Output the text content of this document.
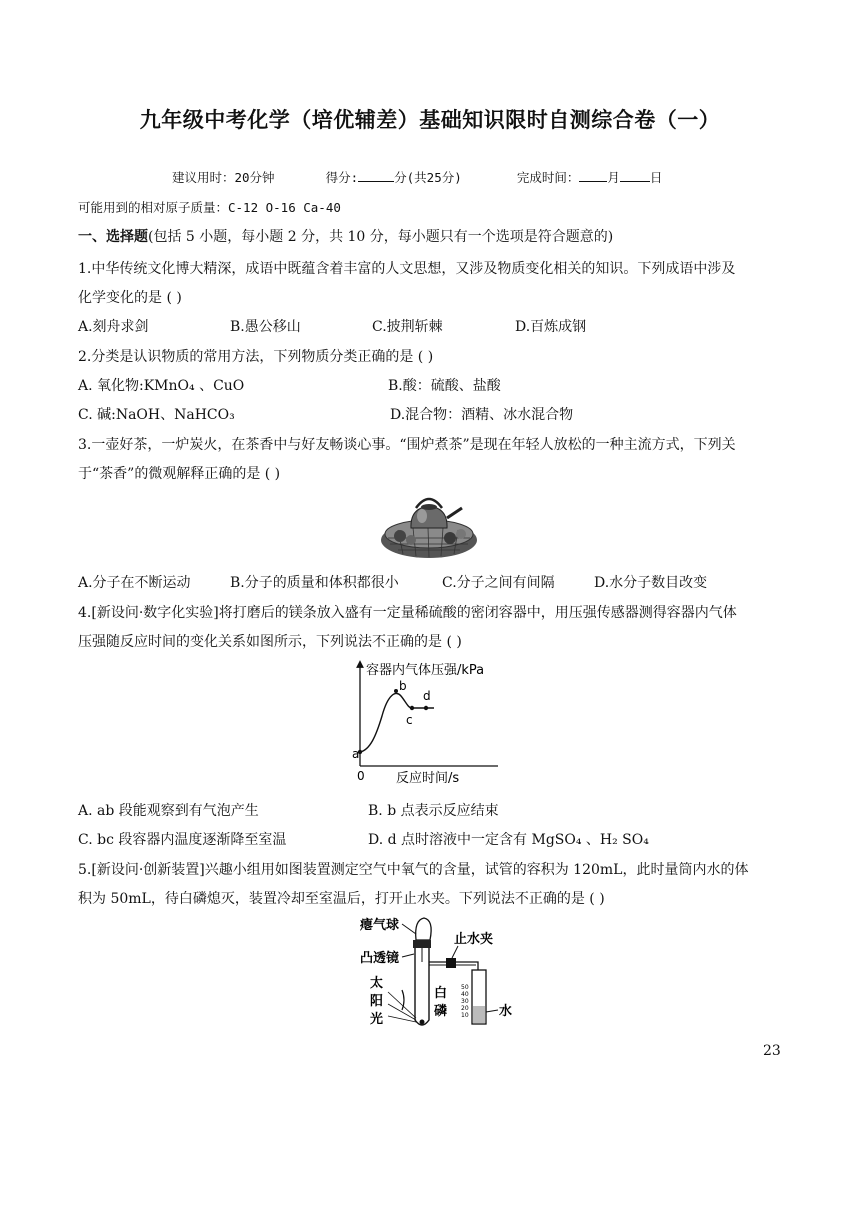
九年级中考化学（培优辅差）基础知识限时自测综合卷（一）
建议用时：20分钟	得分:	分(共25分)	完成时间： 月 日
可能用到的相对原子质量：C-12 O-16 Ca-40
一、选择题(包括 5 小题，每小题 2 分，共 10 分，每小题只有一个选项是符合题意的)
1.中华传统文化博大精深，成语中既蕴含着丰富的人文思想，又涉及物质变化相关的知识。下列成语中涉及
化学变化的是 ( )
A.刻舟求剑	B.愚公移山	C.披荆斩棘	D.百炼成钢
2.分类是认识物质的常用方法，下列物质分类正确的是 ( )
A. 氧化物:KMnO₄ 、CuO	B.酸：硫酸、盐酸
C. 碱:NaOH、NaHCO₃	D.混合物：酒精、冰水混合物
3.一壶好茶，一炉炭火，在茶香中与好友畅谈心事。“围炉煮茶”是现在年轻人放松的一种主流方式，下列关
于“茶香”的微观解释正确的是 ( )
A.分子在不断运动	B.分子的质量和体积都很小	C.分子之间有间隔	D.水分子数目改变
4.[新设问·数字化实验]将打磨后的镁条放入盛有一定量稀硫酸的密闭容器中，用压强传感器测得容器内气体
压强随反应时间的变化关系如图所示，下列说法不正确的是 ( )
容器内气体压强/kPa
反应时间/s
0
a
b
c
d
A. ab 段能观察到有气泡产生	B. b 点表示反应结束
C. bc 段容器内温度逐渐降至室温	D. d 点时溶液中一定含有 MgSO₄ 、H₂ SO₄
5.[新设问·创新装置]兴趣小组用如图装置测定空气中氧气的含量，试管的容积为 120mL，此时量筒内水的体
积为 50mL，待白磷熄灭，装置冷却至室温后，打开止水夹。下列说法不正确的是 ( )
瘪气球
止水夹
凸透镜
太
阳
光
白
磷	水
50
40
30
20
10
23
